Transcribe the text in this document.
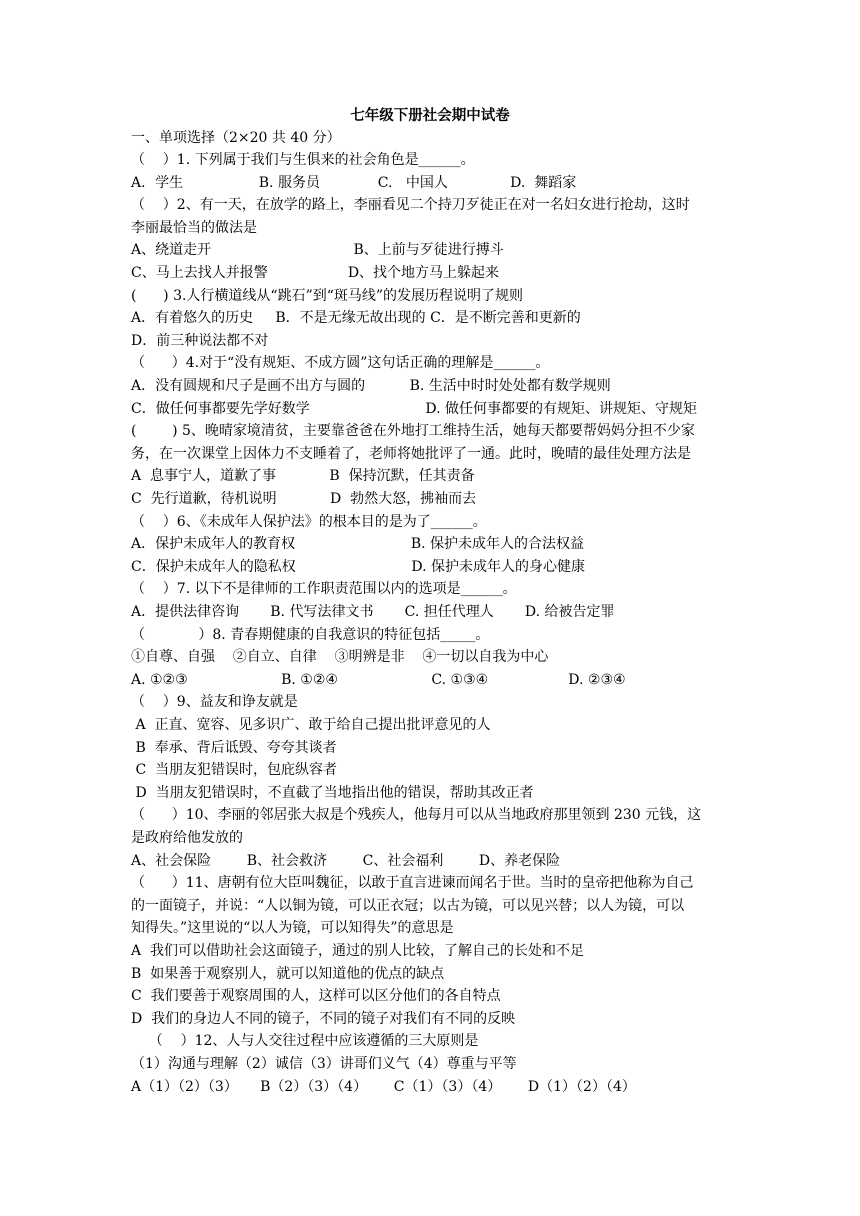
七年级下册社会期中试卷
一、单项选择（2×20 共 40 分）
（    ）1. 下列属于我们与生俱来的社会角色是______。
A．学生                 B. 服务员             C.   中国人              D.  舞蹈家
（    ）2、有一天，在放学的路上，李丽看见二个持刀歹徒正在对一名妇女进行抢劫，这时
李丽最恰当的做法是
A、绕道走开                                B、上前与歹徒进行搏斗
C、马上去找人并报警                  D、找个地方马上躲起来
(      ) 3.人行横道线从“跳石”到“斑马线”的发展历程说明了规则
A．有着悠久的历史     B．不是无缘无故出现的 C．是不断完善和更新的
D．前三种说法都不对
（      ）4.对于“没有规矩、不成方圆”这句话正确的理解是______。
A．没有圆规和尺子是画不出方与圆的          B. 生活中时时处处都有数学规则
C．做任何事都要先学好数学                          D. 做任何事都要的有规矩、讲规矩、守规矩
(        ) 5、晚晴家境清贫，主要靠爸爸在外地打工维持生活，她每天都要帮妈妈分担不少家
务，在一次课堂上因体力不支睡着了，老师将她批评了一通。此时，晚晴的最佳处理方法是
A  息事宁人，道歉了事            B  保持沉默，任其责备
C  先行道歉，待机说明            D  勃然大怒，拂袖而去
（    ）6、《未成年人保护法》的根本目的是为了______。
A．保护未成年人的教育权                          B. 保护未成年人的合法权益
C．保护未成年人的隐私权                          D. 保护未成年人的身心健康
（    ）7. 以下不是律师的工作职责范围以内的选项是______。
A．提供法律咨询       B. 代写法律文书       C. 担任代理人       D. 给被告定罪
（            ）8. 青春期健康的自我意识的特征包括_____。
①自尊、自强    ②自立、自律    ③明辨是非    ④一切以自我为中心
A. ①②③                     B. ①②④                     C. ①③④                  D. ②③④
（    ）9、益友和诤友就是
A  正直、宽容、见多识广、敢于给自己提出批评意见的人
B  奉承、背后诋毁、夸夸其谈者
C  当朋友犯错误时，包庇纵容者
D  当朋友犯错误时，不直截了当地指出他的错误，帮助其改正者
（      ）10、李丽的邻居张大叔是个残疾人，他每月可以从当地政府那里领到 230 元钱，这
是政府给他发放的
A、社会保险        B、社会救济        C、社会福利        D、养老保险
（      ）11、唐朝有位大臣叫魏征，以敢于直言进谏而闻名于世。当时的皇帝把他称为自己
的一面镜子，并说：“人以铜为镜，可以正衣冠；以古为镜，可以见兴替；以人为镜，可以
知得失。”这里说的“以人为镜，可以知得失”的意思是
A  我们可以借助社会这面镜子，通过的别人比较，了解自己的长处和不足
B  如果善于观察别人，就可以知道他的优点的缺点
C  我们要善于观察周围的人，这样可以区分他们的各自特点
D  我们的身边人不同的镜子，不同的镜子对我们有不同的反映
（    ）12、人与人交往过程中应该遵循的三大原则是
（1）沟通与理解（2）诚信（3）讲哥们义气（4）尊重与平等
A（1）（2）（3）     B（2）（3）（4）      C（1）（3）（4）      D（1）（2）（4）
